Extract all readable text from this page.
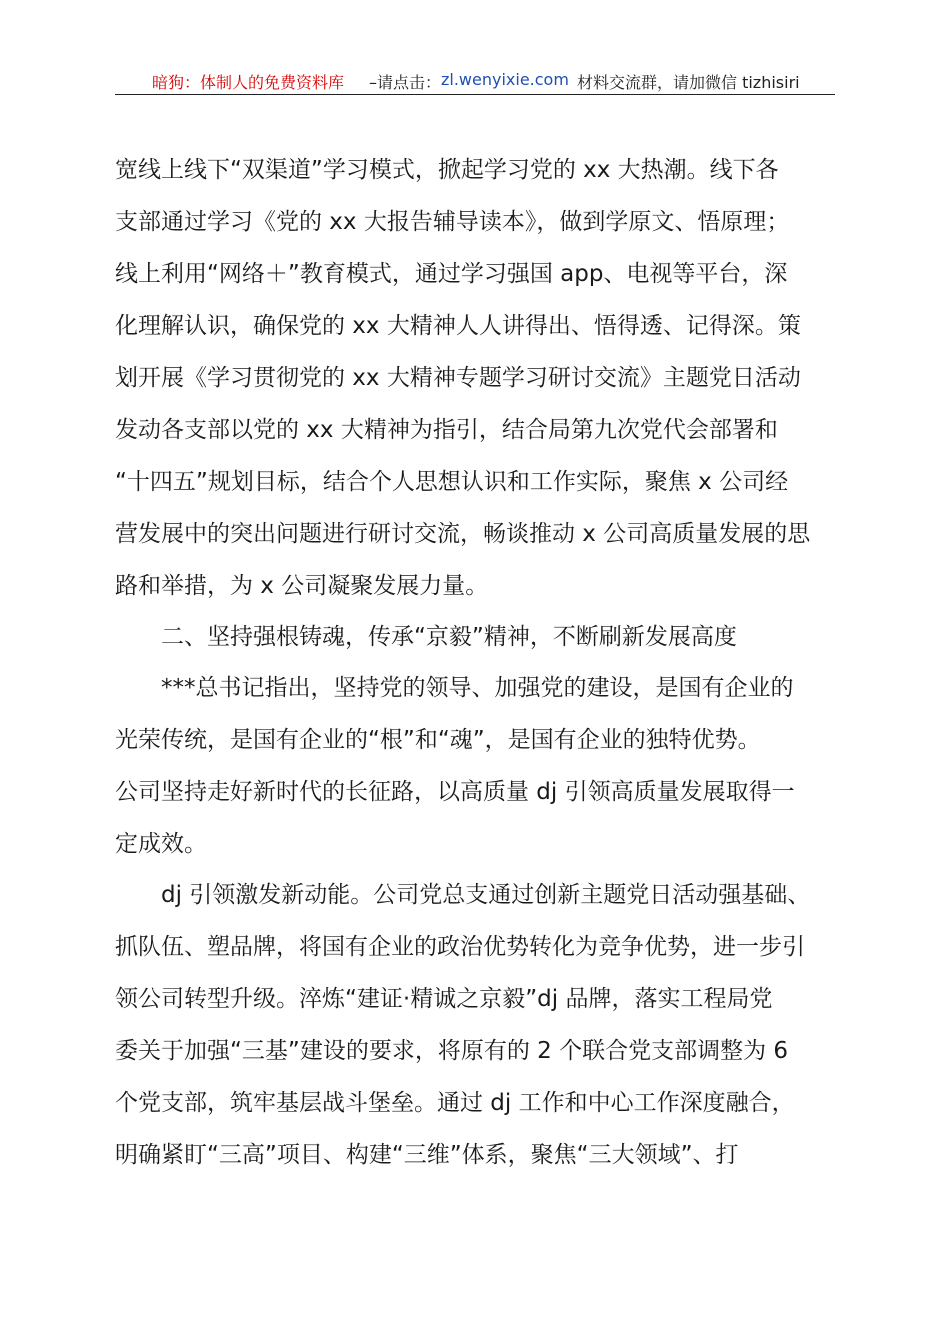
暗狗：体制人的免费资料库 –请点击： zl.wenyixie.com 材料交流群，请加微信 tizhisiri
宽线上线下“双渠道”学习模式，掀起学习党的 xx 大热潮。线下各
支部通过学习《党的 xx 大报告辅导读本》，做到学原文、悟原理；
线上利用“网络＋”教育模式，通过学习强国 app、电视等平台，深
化理解认识，确保党的 xx 大精神人人讲得出、悟得透、记得深。策
划开展《学习贯彻党的 xx 大精神专题学习研讨交流》主题党日活动
发动各支部以党的 xx 大精神为指引，结合局第九次党代会部署和
“十四五”规划目标，结合个人思想认识和工作实际，聚焦 x 公司经
营发展中的突出问题进行研讨交流，畅谈推动 x 公司高质量发展的思
路和举措，为 x 公司凝聚发展力量。
　　二、坚持强根铸魂，传承“京毅”精神，不断刷新发展高度
　　***总书记指出，坚持党的领导、加强党的建设，是国有企业的
光荣传统，是国有企业的“根”和“魂”，是国有企业的独特优势。
公司坚持走好新时代的长征路，以高质量 dj 引领高质量发展取得一
定成效。
　　dj 引领激发新动能。公司党总支通过创新主题党日活动强基础、
抓队伍、塑品牌，将国有企业的政治优势转化为竞争优势，进一步引
领公司转型升级。淬炼“建证·精诚之京毅”dj 品牌，落实工程局党
委关于加强“三基”建设的要求，将原有的 2 个联合党支部调整为 6
个党支部，筑牢基层战斗堡垒。通过 dj 工作和中心工作深度融合，
明确紧盯“三高”项目、构建“三维”体系，聚焦“三大领域”、打
